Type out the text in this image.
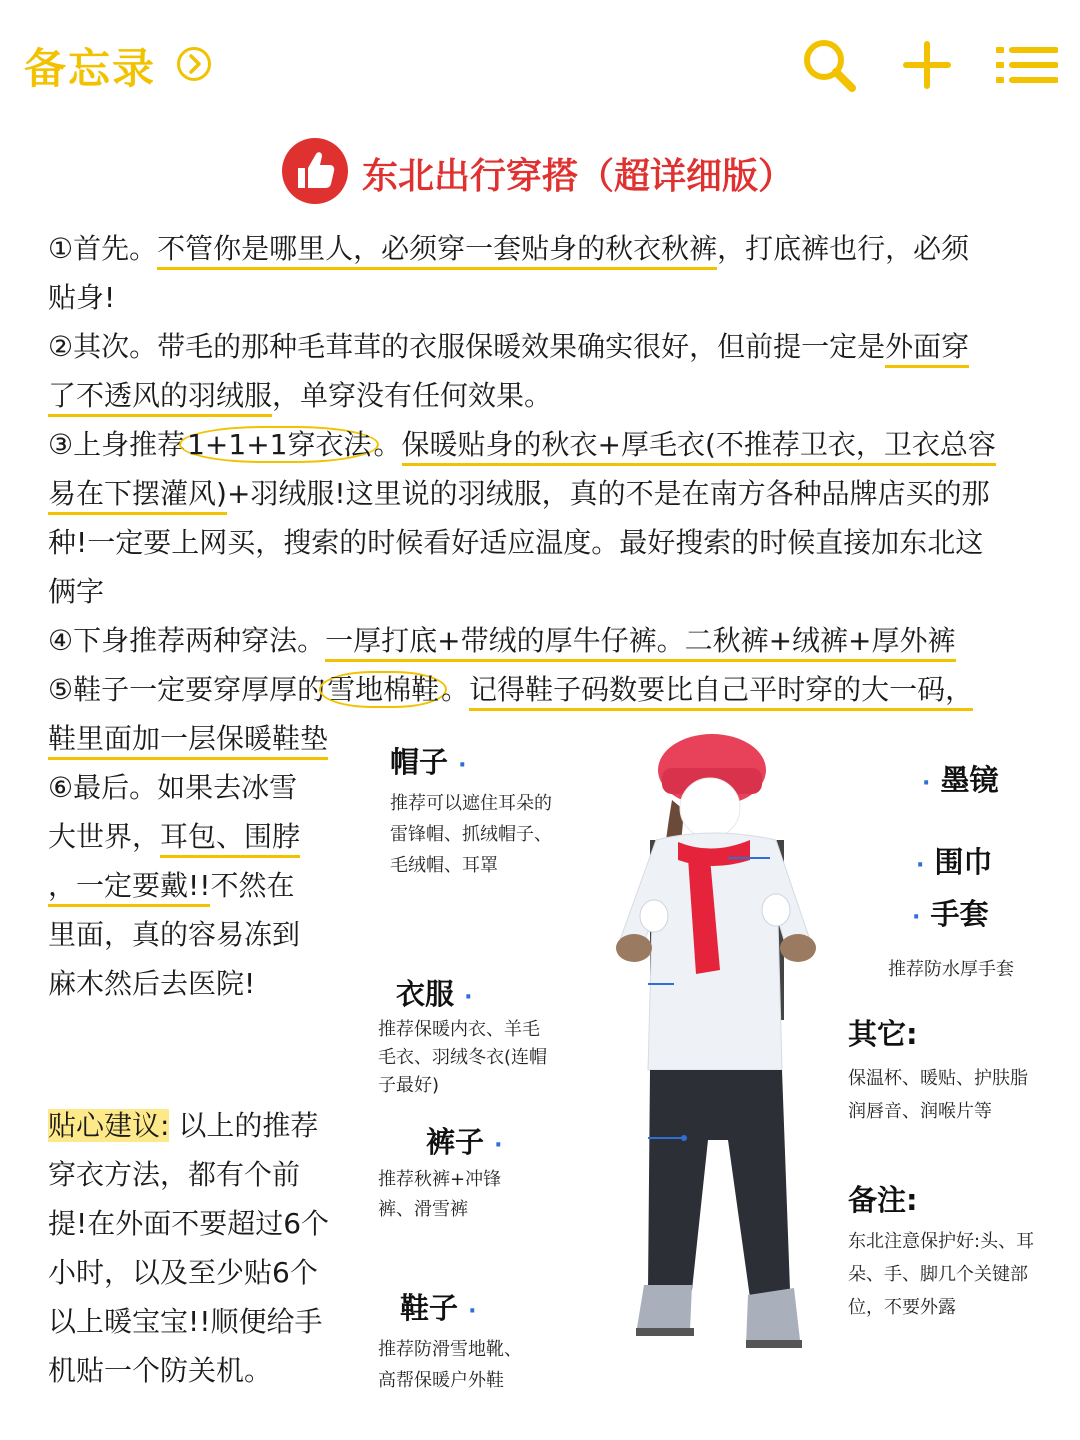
备忘录
东北出行穿搭（超详细版）
①首先。不管你是哪里人，必须穿一套贴身的秋衣秋裤，打底裤也行，必须
贴身!
②其次。带毛的那种毛茸茸的衣服保暖效果确实很好，但前提一定是外面穿
了不透风的羽绒服，单穿没有任何效果。
③上身推荐1+1+1穿衣法。保暖贴身的秋衣+厚毛衣(不推荐卫衣，卫衣总容
易在下摆灌风)+羽绒服!这里说的羽绒服，真的不是在南方各种品牌店买的那
种!一定要上网买，搜索的时候看好适应温度。最好搜索的时候直接加东北这
俩字
④下身推荐两种穿法。一厚打底+带绒的厚牛仔裤。二秋裤+绒裤+厚外裤
⑤鞋子一定要穿厚厚的雪地棉鞋。记得鞋子码数要比自己平时穿的大一码，
鞋里面加一层保暖鞋垫
⑥最后。如果去冰雪
大世界，耳包、围脖
，一定要戴!!不然在
里面，真的容易冻到
麻木然后去医院!
贴心建议: 以上的推荐
穿衣方法，都有个前
提!在外面不要超过6个
小时，以及至少贴6个
以上暖宝宝!!顺便给手
机贴一个防关机。
帽子 ·
推荐可以遮住耳朵的
雷锋帽、抓绒帽子、
毛绒帽、耳罩
衣服 ·
推荐保暖内衣、羊毛
毛衣、羽绒冬衣(连帽
子最好)
裤子 ·
推荐秋裤+冲锋
裤、滑雪裤
鞋子 ·
推荐防滑雪地靴、
高帮保暖户外鞋
· 墨镜
· 围巾
· 手套
推荐防水厚手套
其它:
保温杯、暖贴、护肤脂
润唇音、润喉片等
备注:
东北注意保护好:头、耳
朵、手、脚几个关键部
位，不要外露
